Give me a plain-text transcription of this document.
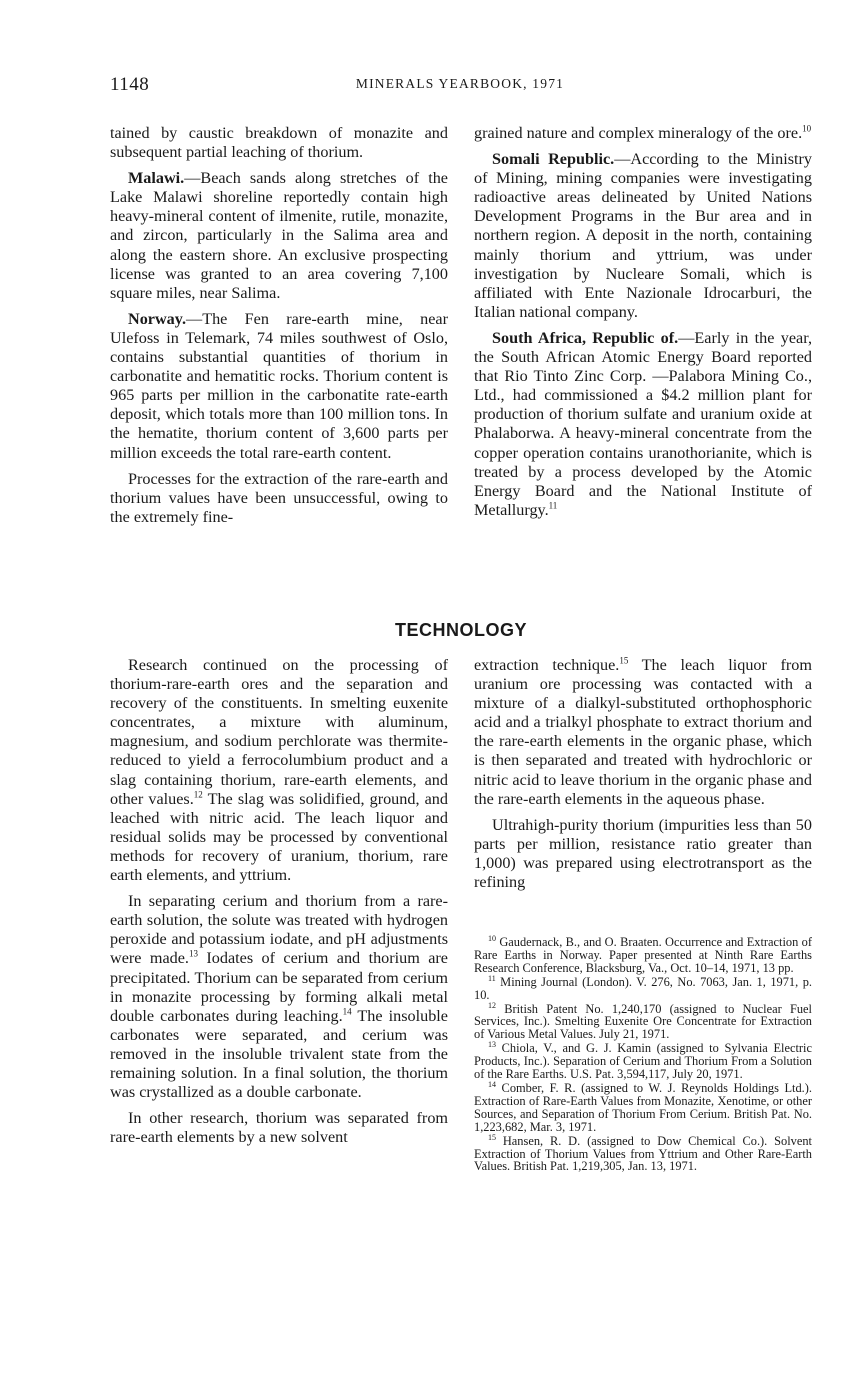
1148	MINERALS YEARBOOK, 1971

tained by caustic breakdown of monazite and subsequent partial leaching of thorium.

Malawi.—Beach sands along stretches of the Lake Malawi shoreline reportedly contain high heavy-mineral content of ilmenite, rutile, monazite, and zircon, particularly in the Salima area and along the eastern shore. An exclusive prospecting license was granted to an area covering 7,100 square miles, near Salima.

Norway.—The Fen rare-earth mine, near Ulefoss in Telemark, 74 miles southwest of Oslo, contains substantial quantities of thorium in carbonatite and hematitic rocks. Thorium content is 965 parts per million in the carbonatite rate-earth deposit, which totals more than 100 million tons. In the hematite, thorium content of 3,600 parts per million exceeds the total rare-earth content.

Processes for the extraction of the rare-earth and thorium values have been unsuccessful, owing to the extremely fine-

grained nature and complex mineralogy of the ore.$^{10}$

Somali Republic.—According to the Ministry of Mining, mining companies were investigating radioactive areas delineated by United Nations Development Programs in the Bur area and in northern region. A deposit in the north, containing mainly thorium and yttrium, was under investigation by Nucleare Somali, which is affiliated with Ente Nazionale Idrocarburi, the Italian national company.

South Africa, Republic of.—Early in the year, the South African Atomic Energy Board reported that Rio Tinto Zinc Corp. —Palabora Mining Co., Ltd., had commissioned a $4.2 million plant for production of thorium sulfate and uranium oxide at Phalaborwa. A heavy-mineral concentrate from the copper operation contains uranothorianite, which is treated by a process developed by the Atomic Energy Board and the National Institute of Metallurgy.$^{11}$

TECHNOLOGY

Research continued on the processing of thorium-rare-earth ores and the separation and recovery of the constituents. In smelting euxenite concentrates, a mixture with aluminum, magnesium, and sodium perchlorate was thermite-reduced to yield a ferrocolumbium product and a slag containing thorium, rare-earth elements, and other values.$^{12}$ The slag was solidified, ground, and leached with nitric acid. The leach liquor and residual solids may be processed by conventional methods for recovery of uranium, thorium, rare earth elements, and yttrium.

In separating cerium and thorium from a rare-earth solution, the solute was treated with hydrogen peroxide and potassium iodate, and pH adjustments were made.$^{13}$ Iodates of cerium and thorium are precipitated. Thorium can be separated from cerium in monazite processing by forming alkali metal double carbonates during leaching.$^{14}$ The insoluble carbonates were separated, and cerium was removed in the insoluble trivalent state from the remaining solution. In a final solution, the thorium was crystallized as a double carbonate.

In other research, thorium was separated from rare-earth elements by a new solvent

extraction technique.$^{15}$ The leach liquor from uranium ore processing was contacted with a mixture of a dialkyl-substituted orthophosphoric acid and a trialkyl phosphate to extract thorium and the rare-earth elements in the organic phase, which is then separated and treated with hydrochloric or nitric acid to leave thorium in the organic phase and the rare-earth elements in the aqueous phase.

Ultrahigh-purity thorium (impurities less than 50 parts per million, resistance ratio greater than 1,000) was prepared using electrotransport as the refining

$^{10}$ Gaudernack, B., and O. Braaten. Occurrence and Extraction of Rare Earths in Norway. Paper presented at Ninth Rare Earths Research Conference, Blacksburg, Va., Oct. 10–14, 1971, 13 pp.

$^{11}$ Mining Journal (London). V. 276, No. 7063, Jan. 1, 1971, p. 10.

$^{12}$ British Patent No. 1,240,170 (assigned to Nuclear Fuel Services, Inc.). Smelting Euxenite Ore Concentrate for Extraction of Various Metal Values. July 21, 1971.

$^{13}$ Chiola, V., and G. J. Kamin (assigned to Sylvania Electric Products, Inc.). Separation of Cerium and Thorium From a Solution of the Rare Earths. U.S. Pat. 3,594,117, July 20, 1971.

$^{14}$ Comber, F. R. (assigned to W. J. Reynolds Holdings Ltd.). Extraction of Rare-Earth Values from Monazite, Xenotime, or other Sources, and Separation of Thorium From Cerium. British Pat. No. 1,223,682, Mar. 3, 1971.

$^{15}$ Hansen, R. D. (assigned to Dow Chemical Co.). Solvent Extraction of Thorium Values from Yttrium and Other Rare-Earth Values. British Pat. 1,219,305, Jan. 13, 1971.
